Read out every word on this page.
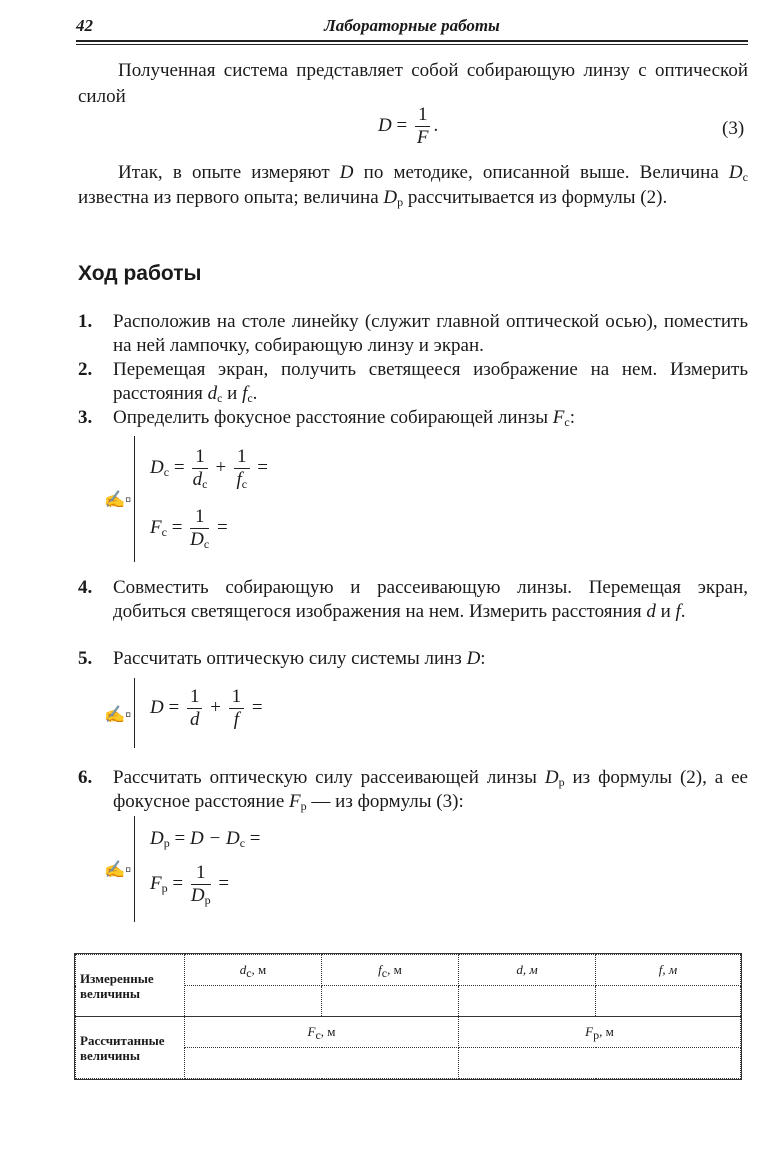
42	Лабораторные работы
Полученная система представляет собой собирающую линзу с оптической силой
$D = \frac{1}{F}$ .	(3)
Итак, в опыте измеряют D по методике, описанной выше. Величина $D_с$ известна из первого опыта; величина $D_р$ рассчитывается из формулы (2).
Ход работы
1.	Расположив на столе линейку (служит главной оптической осью), поместить на ней лампочку, собирающую линзу и экран.
2.	Перемещая экран, получить светящееся изображение на нем. Измерить расстояния $d_с$ и $f_с$.
3.	Определить фокусное расстояние собирающей линзы $F_с$:
✍▫
$D_с = \frac{1}{d_с} + \frac{1}{f_с}$ =
$F_с = \frac{1}{D_с}$ =
4.	Совместить собирающую и рассеивающую линзы. Перемещая экран, добиться светящегося изображения на нем. Измерить расстояния d и f.
5.	Рассчитать оптическую силу системы линз D:
✍▫ $D = \frac{1}{d} + \frac{1}{f}$ =
6.	Рассчитать оптическую силу рассеивающей линзы $D_р$ из формулы (2), а ее фокусное расстояние $F_р$ — из формулы (3):
✍▫
$D_р = D - D_с$ =
$F_р = \frac{1}{D_р}$ =
Измеренные величины	$d_с$, м	$f_с$, м	d, м	f, м

Рассчитанные величины	$F_с$, м		$F_р$, м	
